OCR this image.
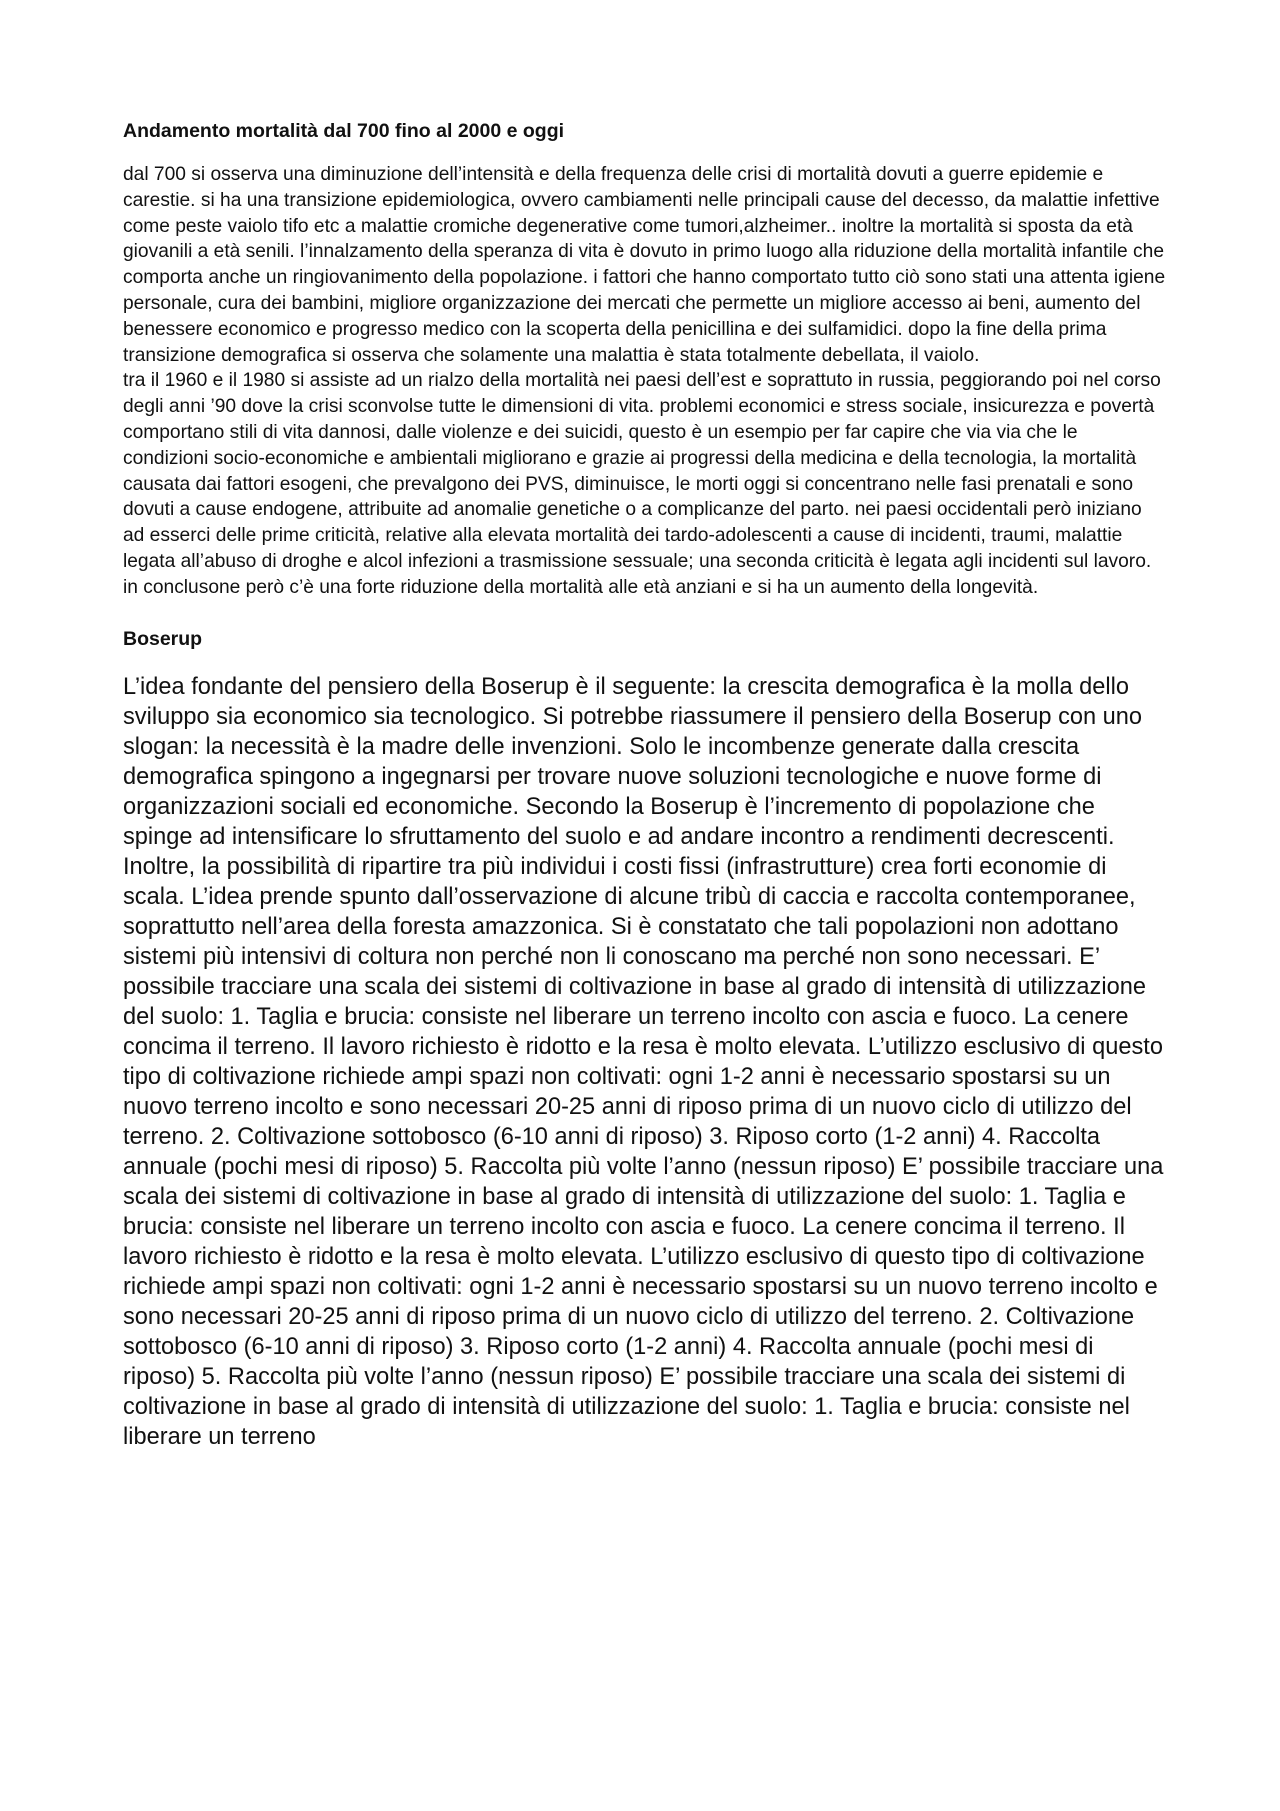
Andamento mortalità dal 700 fino al 2000 e oggi

dal 700 si osserva una diminuzione dell’intensità e della frequenza delle crisi di mortalità dovuti a guerre epidemie e carestie. si ha una transizione epidemiologica, ovvero cambiamenti nelle principali cause del decesso, da malattie infettive come peste vaiolo tifo etc a malattie cromiche degenerative come tumori,alzheimer.. inoltre la mortalità si sposta da età giovanili a età senili. l’innalzamento della speranza di vita è dovuto in primo luogo alla riduzione della mortalità infantile che comporta anche un ringiovanimento della popolazione. i fattori che hanno comportato tutto ciò sono stati una attenta igiene personale, cura dei bambini, migliore organizzazione dei mercati che permette un migliore accesso ai beni, aumento del benessere economico e progresso medico con la scoperta della penicillina e dei sulfamidici. dopo la fine della prima transizione demografica si osserva che solamente una malattia è stata totalmente debellata, il vaiolo.

tra il 1960 e il 1980 si assiste ad un rialzo della mortalità nei paesi dell’est e soprattuto in russia, peggiorando poi nel corso degli anni ’90 dove la crisi sconvolse tutte le dimensioni di vita. problemi economici e stress sociale, insicurezza e povertà comportano stili di vita dannosi, dalle violenze e dei suicidi, questo è un esempio per far capire che via via che le condizioni socio-economiche e ambientali migliorano e grazie ai progressi della medicina e della tecnologia, la mortalità causata dai fattori esogeni, che prevalgono dei PVS, diminuisce, le morti oggi si concentrano nelle fasi prenatali e sono dovuti a cause endogene, attribuite ad anomalie genetiche o a complicanze del parto. nei paesi occidentali però iniziano ad esserci delle prime criticità, relative alla elevata mortalità dei tardo-adolescenti a cause di incidenti, traumi, malattie legata all’abuso di droghe e alcol infezioni a trasmissione sessuale; una seconda criticità è legata agli incidenti sul lavoro. in conclusone però c’è una forte riduzione della mortalità alle età anziani e si ha un aumento della longevità.

Boserup

L’idea fondante del pensiero della Boserup è il seguente: la crescita demografica è la molla dello sviluppo sia economico sia tecnologico. Si potrebbe riassumere il pensiero della Boserup con uno slogan: la necessità è la madre delle invenzioni. Solo le incombenze generate dalla crescita demografica spingono a ingegnarsi per trovare nuove soluzioni tecnologiche e nuove forme di organizzazioni sociali ed economiche. Secondo la Boserup è l’incremento di popolazione che spinge ad intensificare lo sfruttamento del suolo e ad andare incontro a rendimenti decrescenti. Inoltre, la possibilità di ripartire tra più individui i costi fissi (infrastrutture) crea forti economie di scala. L’idea prende spunto dall’osservazione di alcune tribù di caccia e raccolta contemporanee, soprattutto nell’area della foresta amazzonica. Si è constatato che tali popolazioni non adottano sistemi più intensivi di coltura non perché non li conoscano ma perché non sono necessari. E’ possibile tracciare una scala dei sistemi di coltivazione in base al grado di intensità di utilizzazione del suolo: 1. Taglia e brucia: consiste nel liberare un terreno incolto con ascia e fuoco. La cenere concima il terreno. Il lavoro richiesto è ridotto e la resa è molto elevata. L’utilizzo esclusivo di questo tipo di coltivazione richiede ampi spazi non coltivati: ogni 1-2 anni è necessario spostarsi su un nuovo terreno incolto e sono necessari 20-25 anni di riposo prima di un nuovo ciclo di utilizzo del terreno. 2. Coltivazione sottobosco (6-10 anni di riposo) 3. Riposo corto (1-2 anni) 4. Raccolta annuale (pochi mesi di riposo) 5. Raccolta più volte l’anno (nessun riposo) E’ possibile tracciare una scala dei sistemi di coltivazione in base al grado di intensità di utilizzazione del suolo: 1. Taglia e brucia: consiste nel liberare un terreno incolto con ascia e fuoco. La cenere concima il terreno. Il lavoro richiesto è ridotto e la resa è molto elevata. L’utilizzo esclusivo di questo tipo di coltivazione richiede ampi spazi non coltivati: ogni 1-2 anni è necessario spostarsi su un nuovo terreno incolto e sono necessari 20-25 anni di riposo prima di un nuovo ciclo di utilizzo del terreno. 2. Coltivazione sottobosco (6-10 anni di riposo) 3. Riposo corto (1-2 anni) 4. Raccolta annuale (pochi mesi di riposo) 5. Raccolta più volte l’anno (nessun riposo) E’ possibile tracciare una scala dei sistemi di coltivazione in base al grado di intensità di utilizzazione del suolo: 1. Taglia e brucia: consiste nel liberare un terreno
